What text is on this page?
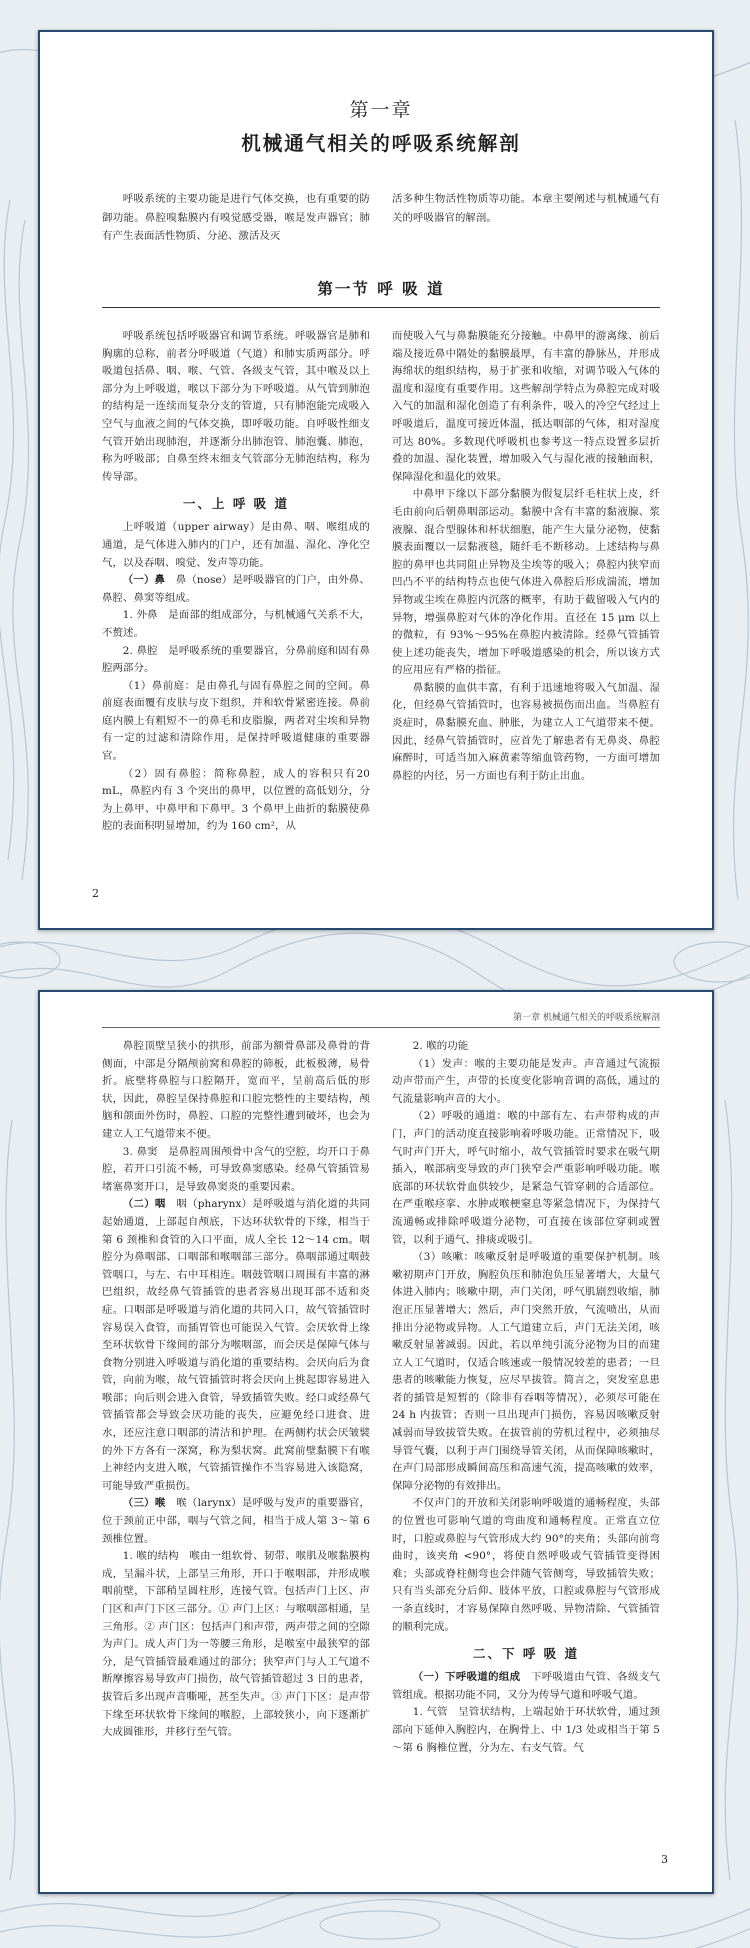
第一章
机械通气相关的呼吸系统解剖

呼吸系统的主要功能是进行气体交换，也有重要的防御功能。鼻腔嗅黏膜内有嗅觉感受器，喉是发声器官；肺有产生表面活性物质、分泌、激活及灭

活多种生物活性物质等功能。本章主要阐述与机械通气有关的呼吸器官的解剖。

第一节 呼 吸 道

呼吸系统包括呼吸器官和调节系统。呼吸器官是肺和胸廓的总称，前者分呼吸道（气道）和肺实质两部分。呼吸道包括鼻、咽、喉、气管、各级支气管，其中喉及以上部分为上呼吸道，喉以下部分为下呼吸道。从气管到肺泡的结构是一连续而复杂分支的管道，只有肺泡能完成吸入空气与血液之间的气体交换，即呼吸功能。自呼吸性细支气管开始出现肺泡，并逐渐分出肺泡管、肺泡囊、肺泡，称为呼吸部；自鼻至终末细支气管部分无肺泡结构，称为传导部。

一、上 呼 吸 道

上呼吸道（upper airway）是由鼻、咽、喉组成的通道，是气体进入肺内的门户，还有加温、湿化、净化空气，以及吞咽、嗅觉、发声等功能。

（一）鼻　 鼻（nose）是呼吸器官的门户，由外鼻、鼻腔、鼻窦等组成。

1. 外鼻　是面部的组成部分，与机械通气关系不大，不赘述。

2. 鼻腔　是呼吸系统的重要器官，分鼻前庭和固有鼻腔两部分。

（1）鼻前庭：是由鼻孔与固有鼻腔之间的空间。鼻前庭表面覆有皮肤与皮下组织，并和软骨紧密连接。鼻前庭内膜上有粗短不一的鼻毛和皮脂腺，两者对尘埃和异物有一定的过滤和清除作用，是保持呼吸道健康的重要器官。

（2）固有鼻腔：简称鼻腔，成人的容积只有20 mL，鼻腔内有 3 个突出的鼻甲，以位置的高低划分，分为上鼻甲、中鼻甲和下鼻甲。3 个鼻甲上曲折的黏膜使鼻腔的表面积明显增加，约为 160 cm²，从

而使吸入气与鼻黏膜能充分接触。中鼻甲的游离缘、前后端及接近鼻中隔处的黏膜最厚，有丰富的静脉丛，并形成海绵状的组织结构，易于扩张和收缩，对调节吸入气体的温度和湿度有重要作用。这些解剖学特点为鼻腔完成对吸入气的加温和湿化创造了有利条件，吸入的冷空气经过上呼吸道后，温度可接近体温，抵达咽部的气体，相对湿度可达 80%。多数现代呼吸机也参考这一特点设置多层折叠的加温、湿化装置，增加吸入气与湿化液的接触面积，保障湿化和温化的效果。

中鼻甲下缘以下部分黏膜为假复层纤毛柱状上皮，纤毛由前向后朝鼻咽部运动。黏膜中含有丰富的黏液腺、浆液腺、混合型腺体和杯状细胞，能产生大量分泌物，使黏膜表面覆以一层黏液毯，随纤毛不断移动。上述结构与鼻腔的鼻甲也共同阻止异物及尘埃等的吸入；鼻腔内狭窄而凹凸不平的结构特点也使气体进入鼻腔后形成湍流，增加异物或尘埃在鼻腔内沉落的概率，有助于截留吸入气内的异物，增强鼻腔对气体的净化作用。直径在 15 μm 以上的微粒，有 93%～95%在鼻腔内被清除。经鼻气管插管使上述功能丧失，增加下呼吸道感染的机会，所以该方式的应用应有严格的指征。

鼻黏膜的血供丰富，有利于迅速地将吸入气加温、湿化，但经鼻气管插管时，也容易被损伤而出血。当鼻腔有炎症时，鼻黏膜充血、肿胀，为建立人工气道带来不便。因此，经鼻气管插管时，应首先了解患者有无鼻炎、鼻腔麻醉时，可适当加入麻黄素等缩血管药物，一方面可增加鼻腔的内径，另一方面也有利于防止出血。

2
第一章 机械通气相关的呼吸系统解剖

鼻腔顶壁呈狭小的拱形，前部为额骨鼻部及鼻骨的背侧面，中部是分隔颅前窝和鼻腔的筛板，此板极薄，易骨折。底壁将鼻腔与口腔隔开，宽而平，呈前高后低的形状，因此，鼻腔呈保持鼻腔和口腔完整性的主要结构，颅脑和颌面外伤时，鼻腔、口腔的完整性遭到破坏，也会为建立人工气道带来不便。

3. 鼻窦　是鼻腔周围颅骨中含气的空腔，均开口于鼻腔，若开口引流不畅，可导致鼻窦感染。经鼻气管插管易堵塞鼻窦开口，是导致鼻窦炎的重要因素。

（二）咽　 咽（pharynx）是呼吸道与消化道的共同起始通道，上部起自颅底，下达环状软骨的下缘，相当于第 6 颈椎和食管的入口平面，成人全长 12～14 cm。咽腔分为鼻咽部、口咽部和喉咽部三部分。鼻咽部通过咽鼓管咽口，与左、右中耳相连。咽鼓管咽口周围有丰富的淋巴组织，故经鼻气管插管的患者容易出现耳部不适和炎症。口咽部是呼吸道与消化道的共同入口，故气管插管时容易误入食管，而插胃管也可能误入气管。会厌软骨上缘至环状软骨下缘间的部分为喉咽部，而会厌是保障气体与食物分别进入呼吸道与消化道的重要结构。会厌向后为食管，向前为喉，故气管插管时将会厌向上挑起即容易进入喉部；向后则会进入食管，导致插管失败。经口或经鼻气管插管都会导致会厌功能的丧失，应避免经口进食、进水，还应注意口咽部的清洁和护理。在两侧杓状会厌皱襞的外下方各有一深窝，称为梨状窝。此窝前壁黏膜下有喉上神经内支进入喉，气管插管操作不当容易进入该隐窝，可能导致严重损伤。

（三）喉　 喉（larynx）是呼吸与发声的重要器官，位于颈前正中部，咽与气管之间，相当于成人第 3～第 6 颈椎位置。

1. 喉的结构　喉由一组软骨、韧带、喉肌及喉黏膜构成，呈漏斗状，上部呈三角形，开口于喉咽部，并形成喉咽前壁，下部稍呈圆柱形，连接气管。包括声门上区、声门区和声门下区三部分。① 声门上区：与喉咽部相通，呈三角形。② 声门区：包括声门和声带，两声带之间的空隙为声门。成人声门为一等腰三角形，是喉室中最狭窄的部分，是气管插管最难通过的部分；狭窄声门与人工气道不断摩擦容易导致声门损伤，故气管插管超过 3 日的患者，拔管后多出现声音嘶哑，甚至失声。③ 声门下区：是声带下缘至环状软骨下缘间的喉腔，上部较狭小，向下逐渐扩大成圆锥形，并移行至气管。

2. 喉的功能

（1）发声：喉的主要功能是发声。声音通过气流振动声带而产生，声带的长度变化影响音调的高低，通过的气流量影响声音的大小。

（2）呼吸的通道：喉的中部有左、右声带构成的声门，声门的活动度直接影响着呼吸功能。正常情况下，吸气时声门开大，呼气时缩小，故气管插管时要求在吸气期插入，喉部病变导致的声门狭窄会严重影响呼吸功能。喉底部的环状软骨血供较少，是紧急气管穿刺的合适部位。在严重喉痉挛、水肿或喉梗窒息等紧急情况下，为保持气流通畅或排除呼吸道分泌物，可直接在该部位穿刺或置管，以利于通气、排痰或吸引。

（3）咳嗽：咳嗽反射是呼吸道的重要保护机制。咳嗽初期声门开放，胸腔负压和肺泡负压显著增大，大量气体进入肺内；咳嗽中期，声门关闭，呼气肌剧烈收缩，肺泡正压显著增大；然后，声门突然开放，气流喷出，从而排出分泌物或异物。人工气道建立后，声门无法关闭，咳嗽反射显著减弱。因此，若以单纯引流分泌物为目的而建立人工气道时，仅适合咳速或一般情况较差的患者；一旦患者的咳嗽能力恢复，应尽早拔管。简言之，突发室息患者的插管是短暂的（除非有吞咽等情况），必须尽可能在 24 h 内拔管；否则一旦出现声门损伤，容易因咳嗽反射减弱而导致拔管失败。在拔管前的劳机过程中，必须抽尽导管气囊，以利于声门围绕导管关闭，从而保障咳嗽时，在声门局部形成瞬间高压和高速气流，提高咳嗽的效率，保障分泌物的有效排出。

不仅声门的开放和关闭影响呼吸道的通畅程度，头部的位置也可影响气道的弯曲度和通畅程度。正常直立位时，口腔或鼻腔与气管形成大约 90°的夹角；头部向前弯曲时，该夹角 <90°，将使自然呼吸或气管插管变得困难；头部或脊柱侧弯也会伴随气管侧弯，导致插管失败；只有当头部充分后仰、肢体平放，口腔或鼻腔与气管形成一条直线时，才容易保障自然呼吸、异物清除、气管插管的顺利完成。

二、下 呼 吸 道

（一）下呼吸道的组成　 下呼吸道由气管、各级支气管组成。根据功能不同，又分为传导气道和呼吸气道。

1. 气管　呈管状结构，上端起始于环状软骨，通过颈部向下延伸入胸腔内，在胸骨上、中 1/3 处或相当于第 5～第 6 胸椎位置，分为左、右支气管。气

3
